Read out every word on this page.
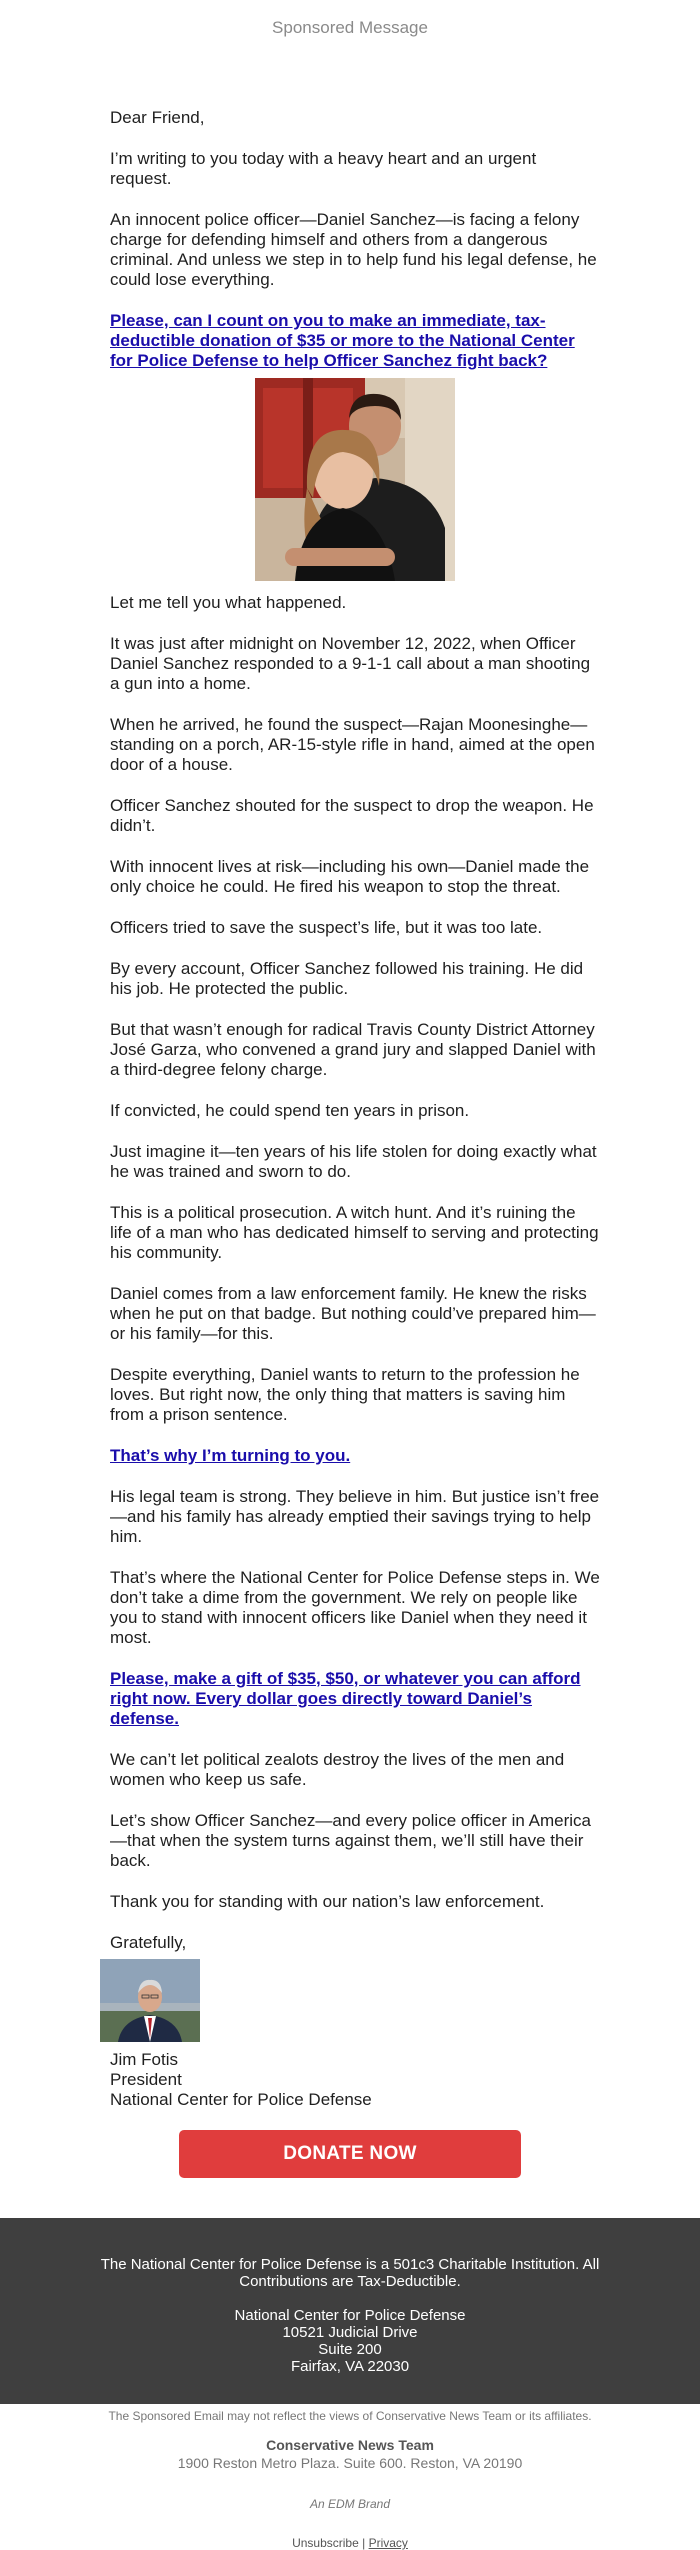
Sponsored Message

Dear Friend,

I’m writing to you today with a heavy heart and an urgent request.

An innocent police officer—Daniel Sanchez—is facing a felony charge for defending himself and others from a dangerous criminal. And unless we step in to help fund his legal defense, he could lose everything.

Please, can I count on you to make an immediate, tax-deductible donation of $35 or more to the National Center for Police Defense to help Officer Sanchez fight back?

Let me tell you what happened.

It was just after midnight on November 12, 2022, when Officer Daniel Sanchez responded to a 9-1-1 call about a man shooting a gun into a home.

When he arrived, he found the suspect—Rajan Moonesinghe—standing on a porch, AR-15-style rifle in hand, aimed at the open door of a house.

Officer Sanchez shouted for the suspect to drop the weapon. He didn’t.

With innocent lives at risk—including his own—Daniel made the only choice he could. He fired his weapon to stop the threat.

Officers tried to save the suspect’s life, but it was too late.

By every account, Officer Sanchez followed his training. He did his job. He protected the public.

But that wasn’t enough for radical Travis County District Attorney José Garza, who convened a grand jury and slapped Daniel with a third-degree felony charge.

If convicted, he could spend ten years in prison.

Just imagine it—ten years of his life stolen for doing exactly what he was trained and sworn to do.

This is a political prosecution. A witch hunt. And it’s ruining the life of a man who has dedicated himself to serving and protecting his community.

Daniel comes from a law enforcement family. He knew the risks when he put on that badge. But nothing could’ve prepared him—or his family—for this.

Despite everything, Daniel wants to return to the profession he loves. But right now, the only thing that matters is saving him from a prison sentence.

That’s why I’m turning to you.

His legal team is strong. They believe in him. But justice isn’t free—and his family has already emptied their savings trying to help him.

That’s where the National Center for Police Defense steps in. We don’t take a dime from the government. We rely on people like you to stand with innocent officers like Daniel when they need it most.

Please, make a gift of $35, $50, or whatever you can afford right now. Every dollar goes directly toward Daniel’s defense.

We can’t let political zealots destroy the lives of the men and women who keep us safe.

Let’s show Officer Sanchez—and every police officer in America—that when the system turns against them, we’ll still have their back.

Thank you for standing with our nation’s law enforcement.

Gratefully,

Jim Fotis

President

National Center for Police Defense

DONATE NOW

The National Center for Police Defense is a 501c3 Charitable Institution. All Contributions are Tax-Deductible.

National Center for Police Defense

10521 Judicial Drive

Suite 200

Fairfax, VA 22030

The Sponsored Email may not reflect the views of Conservative News Team or its affiliates.
Conservative News Team
1900 Reston Metro Plaza. Suite 600. Reston, VA 20190
An EDM Brand
Unsubscribe | Privacy
